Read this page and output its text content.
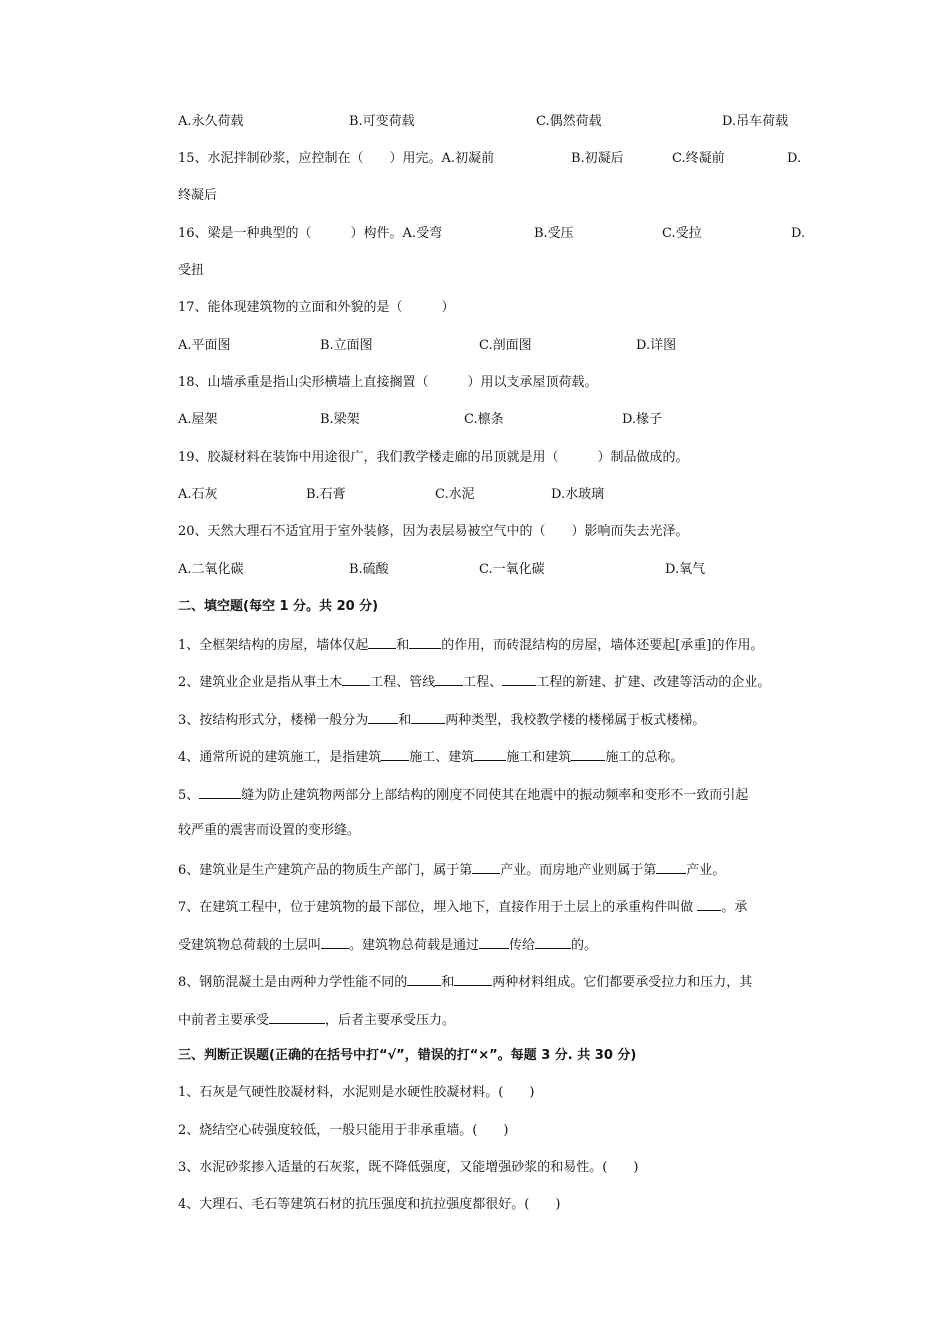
A.永久荷载	B.可变荷载	C.偶然荷载	D.吊车荷载
15、水泥拌制砂浆，应控制在（　　）用完。A.初凝前	B.初凝后	C.终凝前	D.
终凝后
16、梁是一种典型的（　　　）构件。A.受弯	B.受压	C.受拉	D.
受扭
17、能体现建筑物的立面和外貌的是（　　　）
A.平面图	B.立面图	C.剖面图	D.详图
18、山墙承重是指山尖形横墙上直接搁置（　　　）用以支承屋顶荷载。
A.屋架	B.梁架	C.檩条	D.椽子
19、胶凝材料在装饰中用途很广，我们教学楼走廊的吊顶就是用（　　　）制品做成的。
A.石灰	B.石膏	C.水泥	D.水玻璃
20、天然大理石不适宜用于室外装修，因为表层易被空气中的（　　）影响而失去光泽。
A.二氧化碳	B.硫酸	C.一氧化碳	D.氧气
二、填空题(每空 1 分。共 20 分)
1、全框架结构的房屋，墙体仅起 和 的作用，而砖混结构的房屋，墙体还要起[承重]的作用。
2、建筑业企业是指从事土木 工程、管线 工程、	工程的新建、扩建、改建等活动的企业。
3、按结构形式分，楼梯一般分为 和	两种类型，我校教学楼的楼梯属于板式楼梯。
4、通常所说的建筑施工，是指建筑 施工、建筑 施工和建筑	施工的总称。
5、	缝为防止建筑物两部分上部结构的刚度不同使其在地震中的振动频率和变形不一致而引起
较严重的震害而设置的变形缝。
6、建筑业是生产建筑产品的物质生产部门，属于第 产业。而房地产业则属于第 产业。
7、在建筑工程中，位于建筑物的最下部位，埋入地下，直接作用于土层上的承重构件叫做 。承
受建筑物总荷载的土层叫 。建筑物总荷载是通过 传给	的。
8、钢筋混凝土是由两种力学性能不同的	和	两种材料组成。它们都要承受拉力和压力，其
中前者主要承受	，后者主要承受压力。
三、判断正误题(正确的在括号中打“√”，错误的打“×”。每题 3 分. 共 30 分)
1、石灰是气硬性胶凝材料，水泥则是水硬性胶凝材料。(　　)
2、烧结空心砖强度较低，一般只能用于非承重墙。(　　)
3、水泥砂浆掺入适量的石灰浆，既不降低强度，又能增强砂浆的和易性。(　　)
4、大理石、毛石等建筑石材的抗压强度和抗拉强度都很好。(　　)
